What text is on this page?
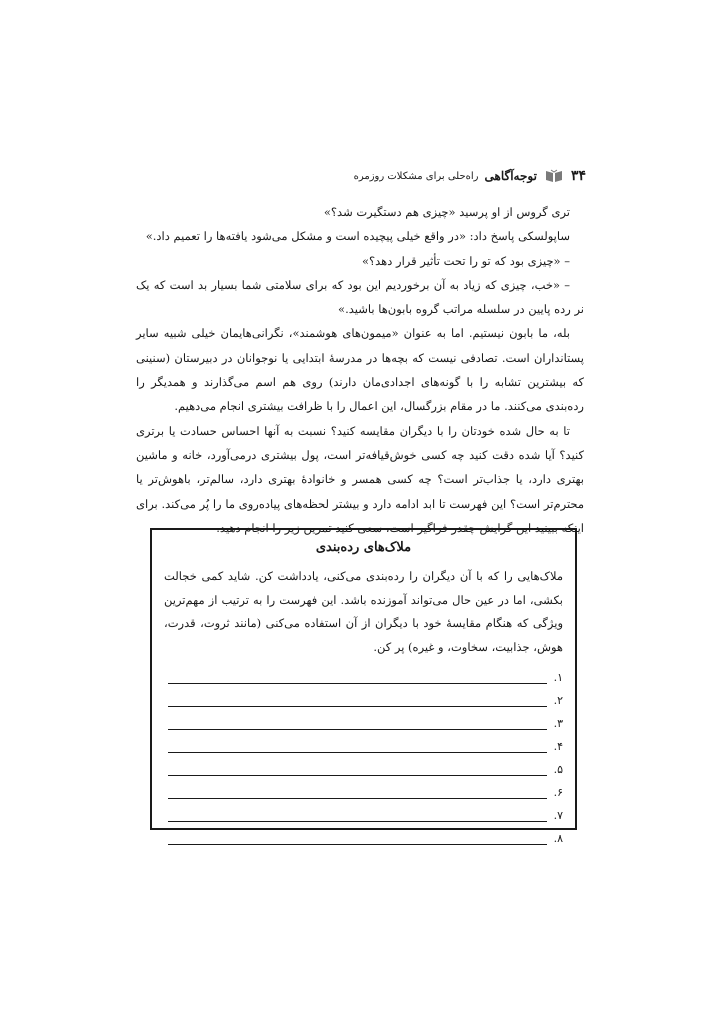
۳۴
توجه‌آگاهی
راه‌حلی برای مشکلات روزمره

تری گروس از او پرسید «چیزی هم دستگیرت شد؟»

ساپولسکی پاسخ داد: «در واقع خیلی پیچیده است و مشکل می‌شود یافته‌ها را تعمیم داد.»

– «چیزی بود که تو را تحت تأثیر قرار دهد؟»

– «خب، چیزی که زیاد به آن برخوردیم این بود که برای سلامتی شما بسیار بد است که یک نر رده پایین در سلسله مراتب گروه بابون‌ها باشید.»

بله، ما بابون نیستیم. اما به عنوان «میمون‌های هوشمند»، نگرانی‌هایمان خیلی شبیه سایر پستانداران است. تصادفی نیست که بچه‌ها در مدرسهٔ ابتدایی یا نوجوانان در دبیرستان (سنینی که بیشترین تشابه را با گونه‌های اجدادی‌مان دارند) روی هم اسم می‌گذارند و همدیگر را رده‌بندی می‌کنند. ما در مقام بزرگسال، این اعمال را با ظرافت بیشتری انجام می‌دهیم.

تا به حال شده خودتان را با دیگران مقایسه کنید؟ نسبت به آنها احساس حسادت یا برتری کنید؟ آیا شده دقت کنید چه کسی خوش‌قیافه‌تر است، پول بیشتری درمی‌آورد، خانه و ماشین بهتری دارد، یا جذاب‌تر است؟ چه کسی همسر و خانوادهٔ بهتری دارد، سالم‌تر، باهوش‌تر یا محترم‌تر است؟ این فهرست تا ابد ادامه دارد و بیشتر لحظه‌های پیاده‌روی ما را پُر می‌کند. برای اینکه ببینید این گرایش چقدر فراگیر است، سعی کنید تمرین زیر را انجام دهید.

ملاک‌های رده‌بندی

ملاک‌هایی را که با آن دیگران را رده‌بندی می‌کنی، یادداشت کن. شاید کمی خجالت بکشی، اما در عین حال می‌تواند آموزنده باشد. این فهرست را به ترتیب از مهم‌ترین ویژگی که هنگام مقایسهٔ خود با دیگران از آن استفاده می‌کنی (مانند ثروت، قدرت، هوش، جذابیت، سخاوت، و غیره) پر کن.

۱.
۲.
۳.
۴.
۵.
۶.
۷.
۸.
